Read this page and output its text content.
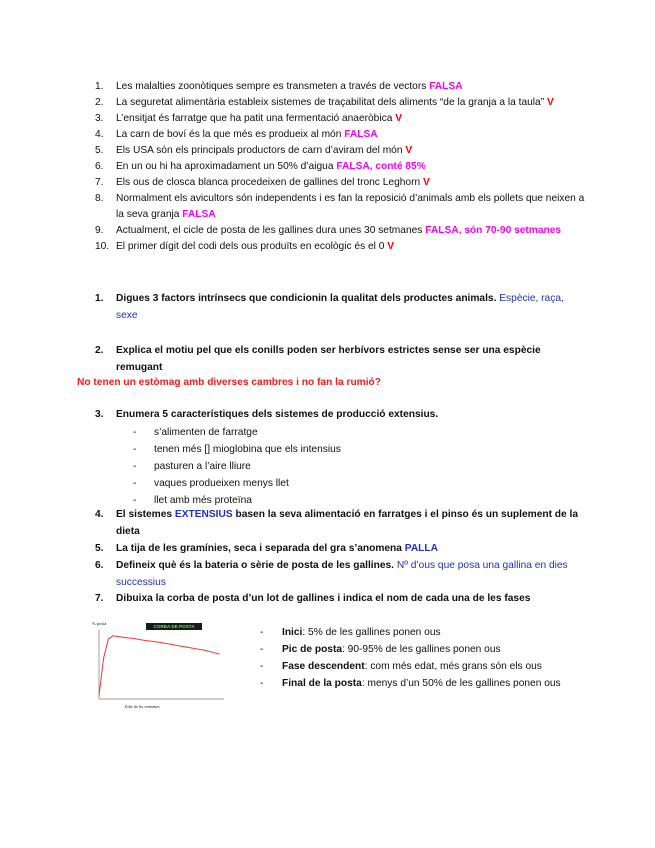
1. Les malalties zoonòtiques sempre es transmeten a través de vectors FALSA
2. La seguretat alimentària estableix sistemes de traçabilitat dels aliments “de la granja a la taula” V
3. L’ensitjat és farratge que ha patit una fermentació anaeròbica V
4. La carn de boví és la que més es produeix al món FALSA
5. Els USA són els principals productors de carn d’aviram del món V
6. En un ou hi ha aproximadament un 50% d’aigua FALSA, conté 85%
7. Els ous de closca blanca procedeixen de gallines del tronc Leghorn V
8. Normalment els avicultors són independents i es fan la reposició d’animals amb els pollets que neixen a la seva granja FALSA
9. Actualment, el cicle de posta de les gallines dura unes 30 setmanes FALSA, són 70-90 setmanes
10. El primer dígit del codi dels ous produïts en ecològic és el 0 V
1.	Digues 3 factors intrínsecs que condicionin la qualitat dels productes animals. Espècie, raça, sexe
2.	Explica el motiu pel que els conills poden ser herbívors estrictes sense ser una espècie remugant
No tenen un estòmag amb diverses cambres i no fan la rumió?
3.	Enumera 5 característiques dels sistemes de producció extensius.
- s’alimenten de farratge
- tenen més [] mioglobina que els intensius
- pasturen a l’aire lliure
- vaques produeixen menys llet
- llet amb més proteïna
4.	El sistemes EXTENSIUS basen la seva alimentació en farratges i el pinso és un suplement de la dieta
5.	La tija de les gramínies, seca i separada del gra s’anomena PALLA
6.	Defineix què és la bateria o sèrie de posta de les gallines. Nº d’ous que posa una gallina en dies successius
7.	Dibuixa la corba de posta d’un lot de gallines i indica el nom de cada una de les fases
% posta
CORBA DE POSTA
Edat de les setmanes
- Inici: 5% de les gallines ponen ous
- Pic de posta: 90-95% de les gallines ponen ous
- Fase descendent: com més edat, més grans són els ous
- Final de la posta: menys d’un 50% de les gallines ponen ous
